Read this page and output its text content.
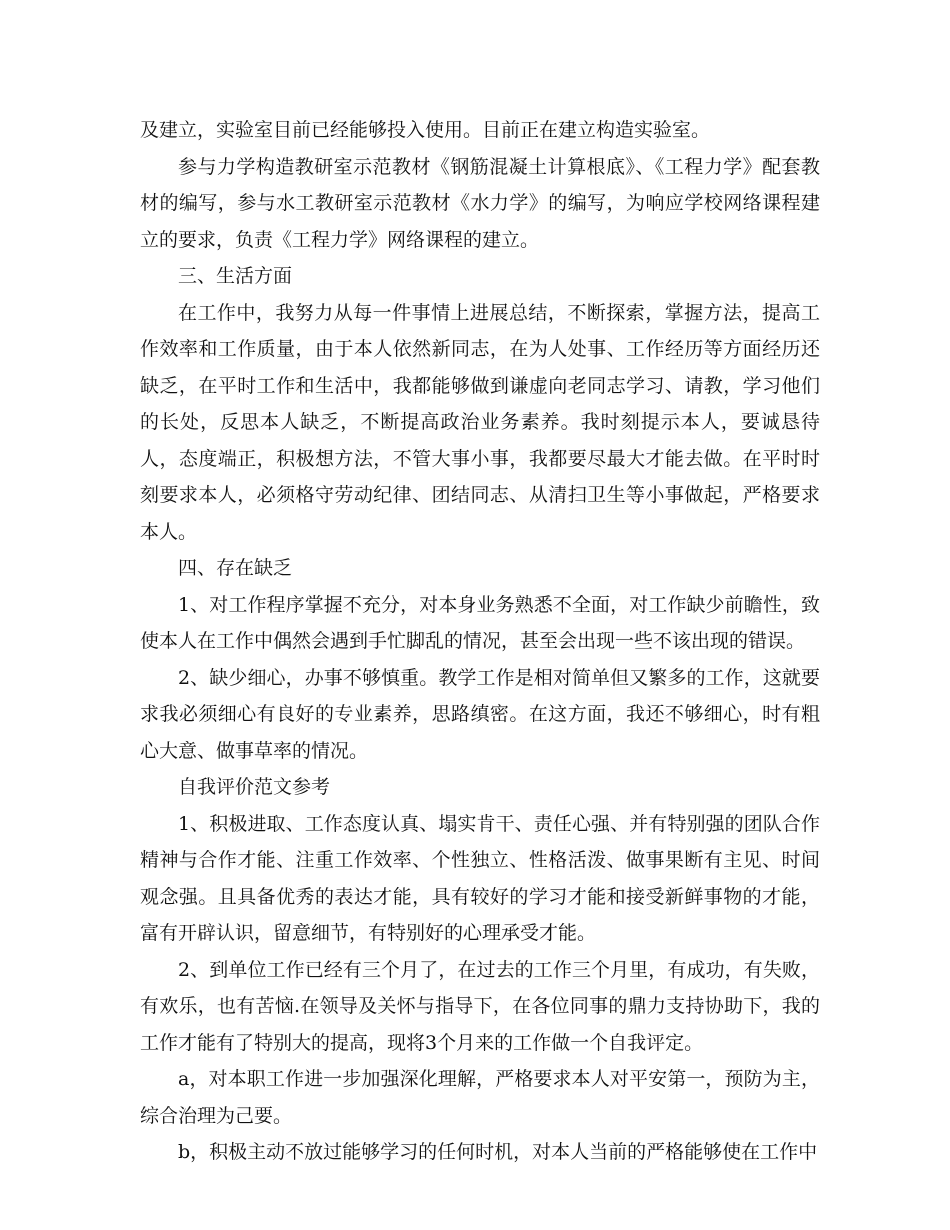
及建立，实验室目前已经能够投入使用。目前正在建立构造实验室。

参与力学构造教研室示范教材《钢筋混凝土计算根底》、《工程力学》配套教材的编写，参与水工教研室示范教材《水力学》的编写，为响应学校网络课程建立的要求，负责《工程力学》网络课程的建立。

三、生活方面

在工作中，我努力从每一件事情上进展总结，不断探索，掌握方法，提高工作效率和工作质量，由于本人依然新同志，在为人处事、工作经历等方面经历还缺乏，在平时工作和生活中，我都能够做到谦虚向老同志学习、请教，学习他们的长处，反思本人缺乏，不断提高政治业务素养。我时刻提示本人，要诚恳待人，态度端正，积极想方法，不管大事小事，我都要尽最大才能去做。在平时时刻要求本人，必须格守劳动纪律、团结同志、从清扫卫生等小事做起，严格要求本人。

四、存在缺乏

1、对工作程序掌握不充分，对本身业务熟悉不全面，对工作缺少前瞻性，致使本人在工作中偶然会遇到手忙脚乱的情况，甚至会出现一些不该出现的错误。

2、缺少细心，办事不够慎重。教学工作是相对简单但又繁多的工作，这就要求我必须细心有良好的专业素养，思路缜密。在这方面，我还不够细心，时有粗心大意、做事草率的情况。

自我评价范文参考

1、积极进取、工作态度认真、塌实肯干、责任心强、并有特别强的团队合作精神与合作才能、注重工作效率、个性独立、性格活泼、做事果断有主见、时间观念强。且具备优秀的表达才能，具有较好的学习才能和接受新鲜事物的才能，富有开辟认识，留意细节，有特别好的心理承受才能。

2、到单位工作已经有三个月了，在过去的工作三个月里，有成功，有失败，有欢乐，也有苦恼.在领导及关怀与指导下，在各位同事的鼎力支持协助下，我的工作才能有了特别大的提高，现将3个月来的工作做一个自我评定。

a，对本职工作进一步加强深化理解，严格要求本人对平安第一，预防为主，综合治理为己要。

b，积极主动不放过能够学习的任何时机，对本人当前的严格能够使在工作中
